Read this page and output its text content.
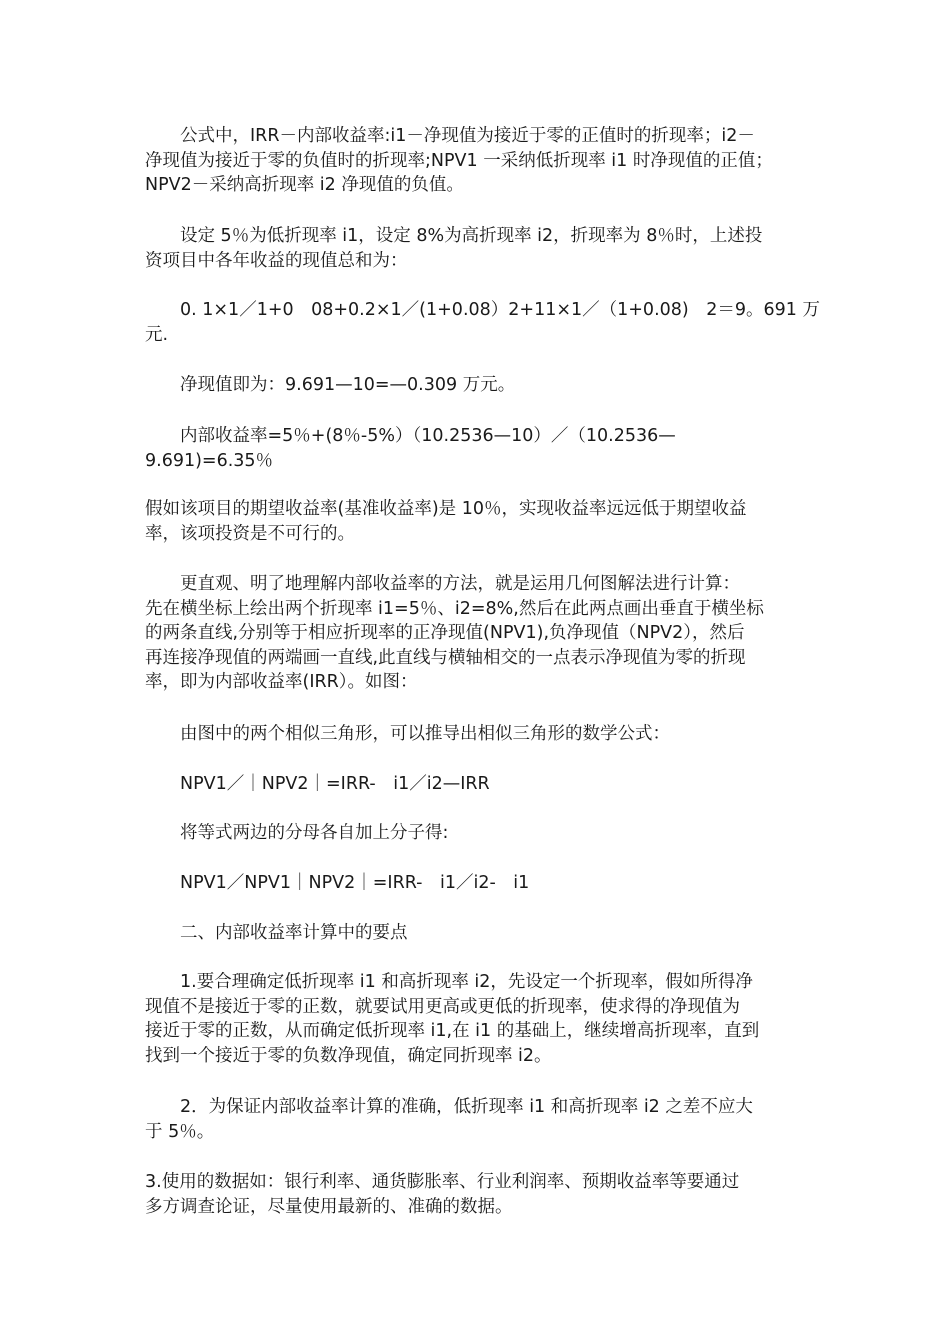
　　公式中，IRR－内部收益率:i1－净现值为接近于零的正值时的折现率；i2－
净现值为接近于零的负值时的折现率;NPV1 一采纳低折现率 i1 时净现值的正值；
NPV2－采纳高折现率 i2 净现值的负值。
　　设定 5％为低折现率 i1，设定 8%为高折现率 i2，折现率为 8％时，上述投
资项目中各年收益的现值总和为：
　　0. 1×1／1+0　08+0.2×1／(1+0.08）2+11×1／（1+0.08)　2＝9。691 万
元.
　　净现值即为：9.691—10=—0.309 万元。
　　内部收益率=5％+(8％-5%）（10.2536—10）／（10.2536—
9.691)=6.35％
假如该项目的期望收益率(基准收益率)是 10％，实现收益率远远低于期望收益
率，该项投资是不可行的。
　　更直观、明了地理解内部收益率的方法，就是运用几何图解法进行计算：
先在横坐标上绘出两个折现率 i1=5％、i2=8%,然后在此两点画出垂直于横坐标
的两条直线,分别等于相应折现率的正净现值(NPV1),负净现值（NPV2），然后
再连接净现值的两端画一直线,此直线与横轴相交的一点表示净现值为零的折现
率，即为内部收益率(IRR）。如图：
　　由图中的两个相似三角形，可以推导出相似三角形的数学公式：
　　NPV1／｜NPV2｜=IRR-　i1／i2—IRR
　　将等式两边的分母各自加上分子得:
　　NPV1／NPV1｜NPV2｜=IRR-　i1／i2-　i1
　　二、内部收益率计算中的要点
　　1.要合理确定低折现率 i1 和高折现率 i2，先设定一个折现率，假如所得净
现值不是接近于零的正数，就要试用更高或更低的折现率，使求得的净现值为
接近于零的正数，从而确定低折现率 i1,在 i1 的基础上，继续增高折现率，直到
找到一个接近于零的负数净现值，确定同折现率 i2。
　　2．为保证内部收益率计算的准确，低折现率 i1 和高折现率 i2 之差不应大
于 5％。
3.使用的数据如：银行利率、通货膨胀率、行业利润率、预期收益率等要通过
多方调查论证，尽量使用最新的、准确的数据。
